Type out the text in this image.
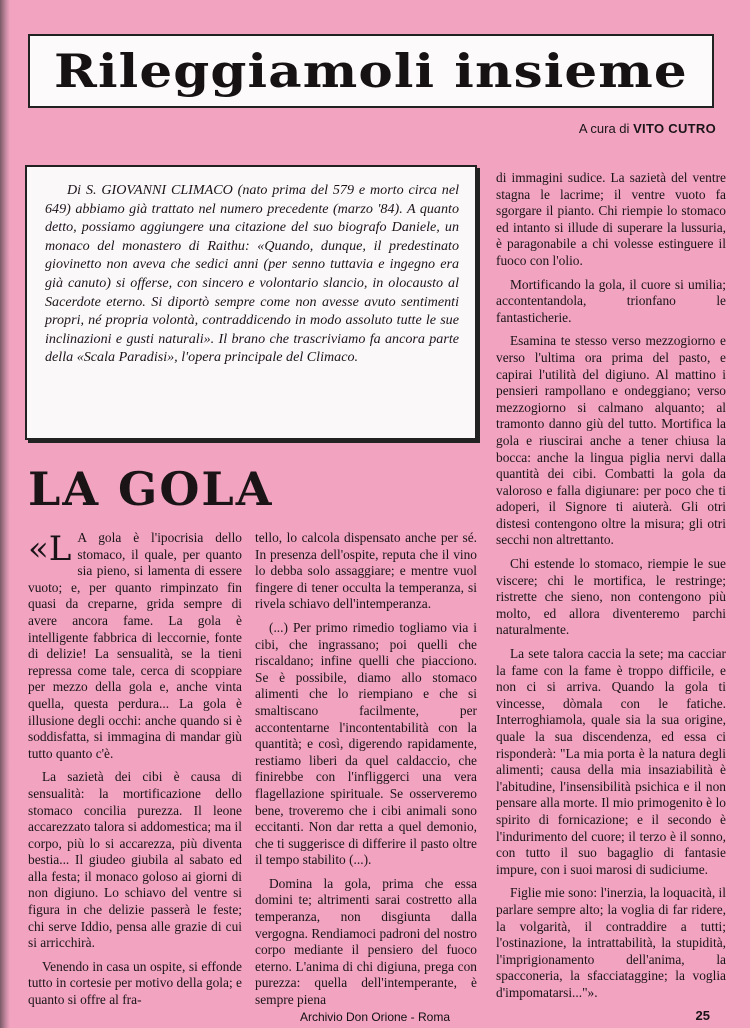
Rileggiamoli insieme
A cura di VITO CUTRO

Di S. GIOVANNI CLIMACO (nato prima del 579 e morto circa nel 649) abbiamo già trattato nel numero precedente (marzo '84). A quanto detto, possiamo aggiungere una citazione del suo biografo Daniele, un monaco del monastero di Raithu: «Quando, dunque, il predestinato giovinetto non aveva che sedici anni (per senno tuttavia e ingegno era già canuto) si offerse, con sincero e volontario slancio, in olocausto al Sacerdote eterno. Si diportò sempre come non avesse avuto sentimenti propri, né propria volontà, contraddicendo in modo assoluto tutte le sue inclinazioni e gusti naturali». Il brano che trascriviamo fa ancora parte della «Scala Paradisi», l'opera principale del Climaco.

LA GOLA

«L A gola è l'ipocrisia dello stomaco, il quale, per quanto sia pieno, si lamenta di essere vuoto; e, per quanto rimpinzato fin quasi da creparne, grida sempre di avere ancora fame. La gola è intelligente fabbrica di leccornie, fonte di delizie! La sensualità, se la tieni repressa come tale, cerca di scoppiare per mezzo della gola e, anche vinta quella, questa perdura... La gola è illusione degli occhi: anche quando si è soddisfatta, si immagina di mandar giù tutto quanto c'è.

La sazietà dei cibi è causa di sensualità: la mortificazione dello stomaco concilia purezza. Il leone accarezzato talora si addomestica; ma il corpo, più lo si accarezza, più diventa bestia... Il giudeo giubila al sabato ed alla festa; il monaco goloso ai giorni di non digiuno. Lo schiavo del ventre si figura in che delizie passerà le feste; chi serve Iddio, pensa alle grazie di cui si arricchirà.

Venendo in casa un ospite, si effonde tutto in cortesie per motivo della gola; e quanto si offre al fra-

tello, lo calcola dispensato anche per sé. In presenza dell'ospite, reputa che il vino lo debba solo assaggiare; e mentre vuol fingere di tener occulta la temperanza, si rivela schiavo dell'intemperanza.

(...) Per primo rimedio togliamo via i cibi, che ingrassano; poi quelli che riscaldano; infine quelli che piacciono. Se è possibile, diamo allo stomaco alimenti che lo riempiano e che si smaltiscano facilmente, per accontentarne l'incontentabilità con la quantità; e così, digerendo rapidamente, restiamo liberi da quel caldaccio, che finirebbe con l'infliggerci una vera flagellazione spirituale. Se osserveremo bene, troveremo che i cibi animali sono eccitanti. Non dar retta a quel demonio, che ti suggerisce di differire il pasto oltre il tempo stabilito (...).

Domina la gola, prima che essa domini te; altrimenti sarai costretto alla temperanza, non disgiunta dalla vergogna. Rendiamoci padroni del nostro corpo mediante il pensiero del fuoco eterno. L'anima di chi digiuna, prega con purezza: quella dell'intemperante, è sempre piena

di immagini sudice. La sazietà del ventre stagna le lacrime; il ventre vuoto fa sgorgare il pianto. Chi riempie lo stomaco ed intanto si illude di superare la lussuria, è paragonabile a chi volesse estinguere il fuoco con l'olio.

Mortificando la gola, il cuore si umilia; accontentandola, trionfano le fantasticherie.

Esamina te stesso verso mezzogiorno e verso l'ultima ora prima del pasto, e capirai l'utilità del digiuno. Al mattino i pensieri rampollano e ondeggiano; verso mezzogiorno si calmano alquanto; al tramonto danno giù del tutto. Mortifica la gola e riuscirai anche a tener chiusa la bocca: anche la lingua piglia nervi dalla quantità dei cibi. Combatti la gola da valoroso e falla digiunare: per poco che ti adoperi, il Signore ti aiuterà. Gli otri distesi contengono oltre la misura; gli otri secchi non altrettanto.

Chi estende lo stomaco, riempie le sue viscere; chi le mortifica, le restringe; ristrette che sieno, non contengono più molto, ed allora diventeremo parchi naturalmente.

La sete talora caccia la sete; ma cacciar la fame con la fame è troppo difficile, e non ci si arriva. Quando la gola ti vincesse, dòmala con le fatiche. Interroghiamola, quale sia la sua origine, quale la sua discendenza, ed essa ci risponderà: "La mia porta è la natura degli alimenti; causa della mia insaziabilità è l'abitudine, l'insensibilità psichica e il non pensare alla morte. Il mio primogenito è lo spirito di fornicazione; e il secondo è l'indurimento del cuore; il terzo è il sonno, con tutto il suo bagaglio di fantasie impure, con i suoi marosi di sudiciume.

Figlie mie sono: l'inerzia, la loquacità, il parlare sempre alto; la voglia di far ridere, la volgarità, il contraddire a tutti; l'ostinazione, la intrattabilità, la stupidità, l'imprigionamento dell'anima, la spacconeria, la sfacciataggine; la voglia d'impomatarsi..."».

Archivio Don Orione - Roma	25
